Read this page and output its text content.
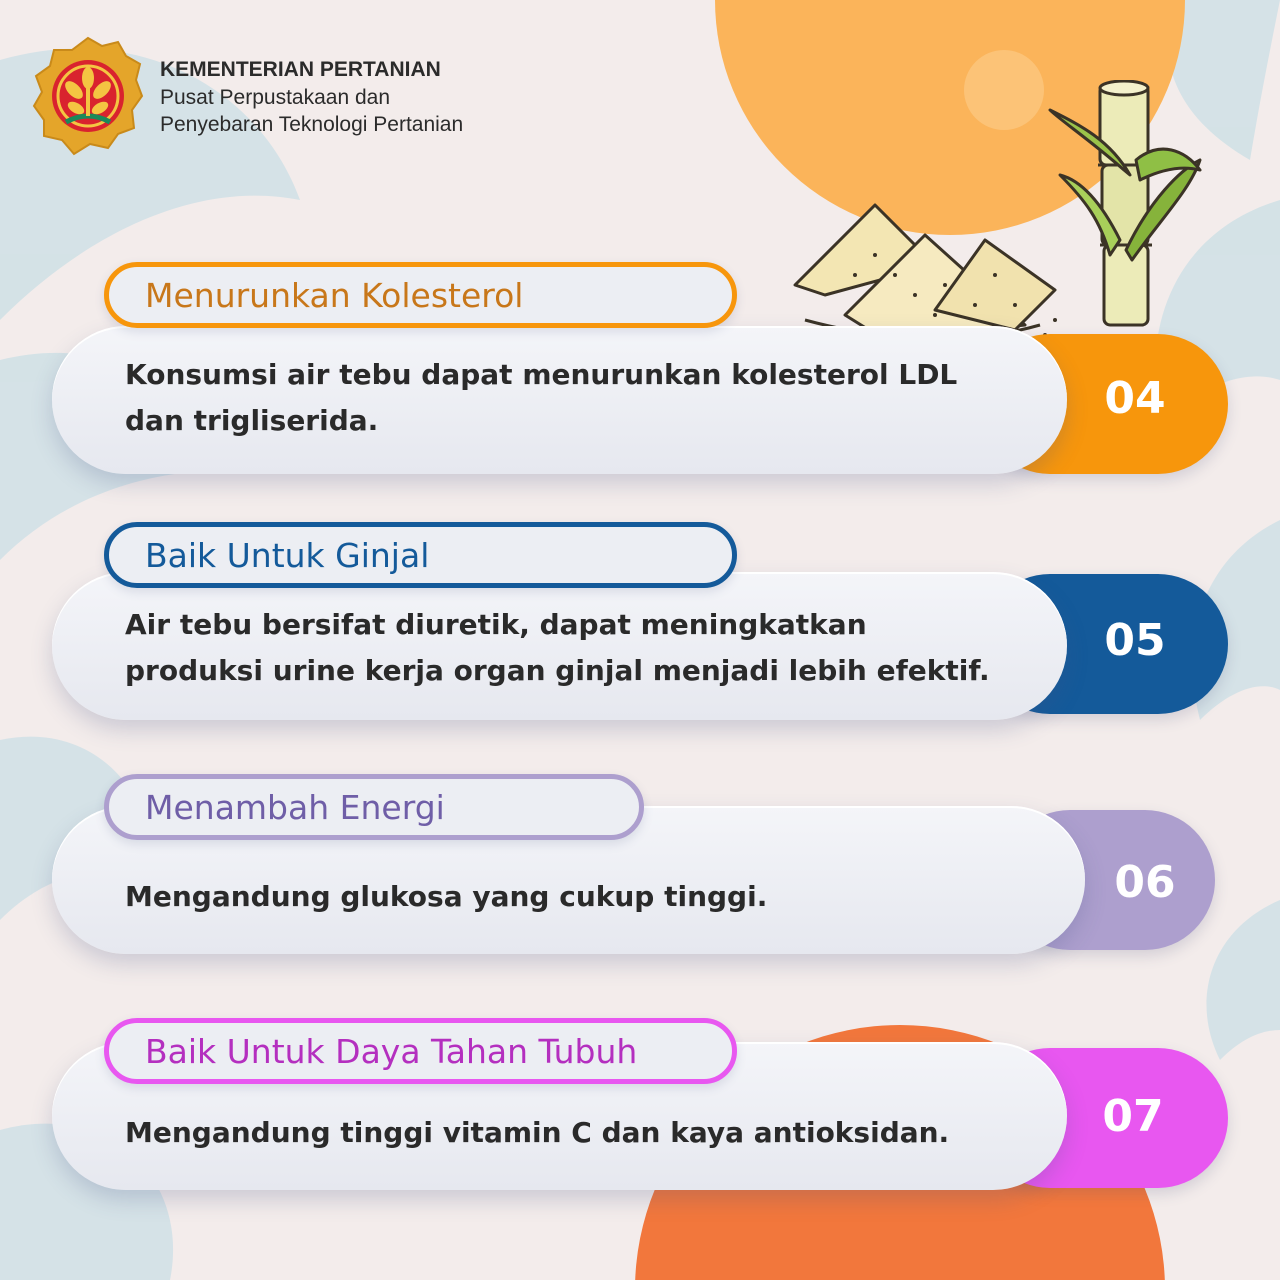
KEMENTERIAN PERTANIAN
Pusat Perpustakaan dan
Penyebaran Teknologi Pertanian
04
Konsumsi air tebu dapat menurunkan kolesterol LDL
dan trigliserida.
Menurunkan Kolesterol
05
Air tebu bersifat diuretik, dapat meningkatkan
produksi urine kerja organ ginjal menjadi lebih efektif.
Baik Untuk Ginjal
06
Mengandung glukosa yang cukup tinggi.
Menambah Energi
07
Mengandung tinggi vitamin C dan kaya antioksidan.
Baik Untuk Daya Tahan Tubuh
